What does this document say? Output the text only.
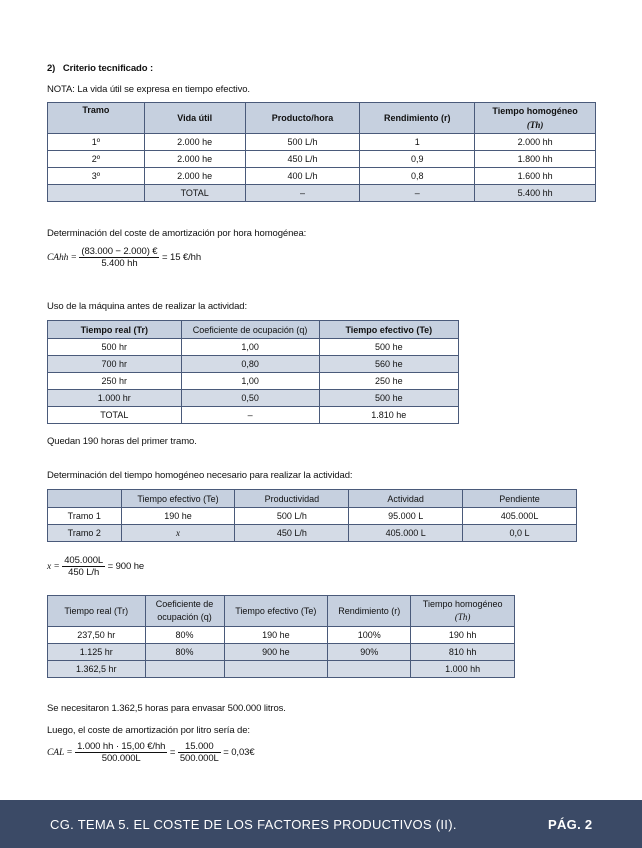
2) Criterio tecnificado :
NOTA: La vida útil se expresa en tiempo efectivo.
Tramo	Vida útil	Producto/hora	Rendimiento (r)	Tiempo homogéneo
(Th)
1º	2.000 he	500 L/h	1	2.000 hh
2º	2.000 he	450 L/h	0,9	1.800 hh
3º	2.000 he	400 L/h	0,8	1.600 hh
	TOTAL	–	–	5.400 hh
Determinación del coste de amortización por hora homogénea:
CAhh = $\frac{(83.000 - 2.000) €}{5.400 hh} = 15$ €/hh
Uso de la máquina antes de realizar la actividad:
Tiempo real (Tr)	Coeficiente de ocupación (q)	Tiempo efectivo (Te)
500 hr	1,00	500 he
700 hr	0,80	560 he
250 hr	1,00	250 he
1.000 hr	0,50	500 he
TOTAL	–	1.810 he
Quedan 190 horas del primer tramo.
Determinación del tiempo homogéneo necesario para realizar la actividad:
	Tiempo efectivo (Te)	Productividad	Actividad	Pendiente
Tramo 1	190 he	500 L/h	95.000 L	405.000L
Tramo 2	x	450 L/h	405.000 L	0,0 L
$x = \frac{405.000L}{450 L/h} = 900$ he
Tiempo real (Tr)	Coeficiente de
ocupación (q)	Tiempo efectivo (Te)	Rendimiento (r)	Tiempo homogéneo
(Th)
237,50 hr	80%	190 he	100%	190 hh
1.125 hr	80%	900 he	90%	810 hh
1.362,5 hr				1.000 hh
Se necesitaron 1.362,5 horas para envasar 500.000 litros.
Luego, el coste de amortización por litro sería de:
CAL = $\frac{1.000 hh \cdot 15,00 €/hh}{500.000L} = \frac{15.000}{500.000L}$ = 0,03€
CG. TEMA 5. EL COSTE DE LOS FACTORES PRODUCTIVOS (II).	PÁG. 2
